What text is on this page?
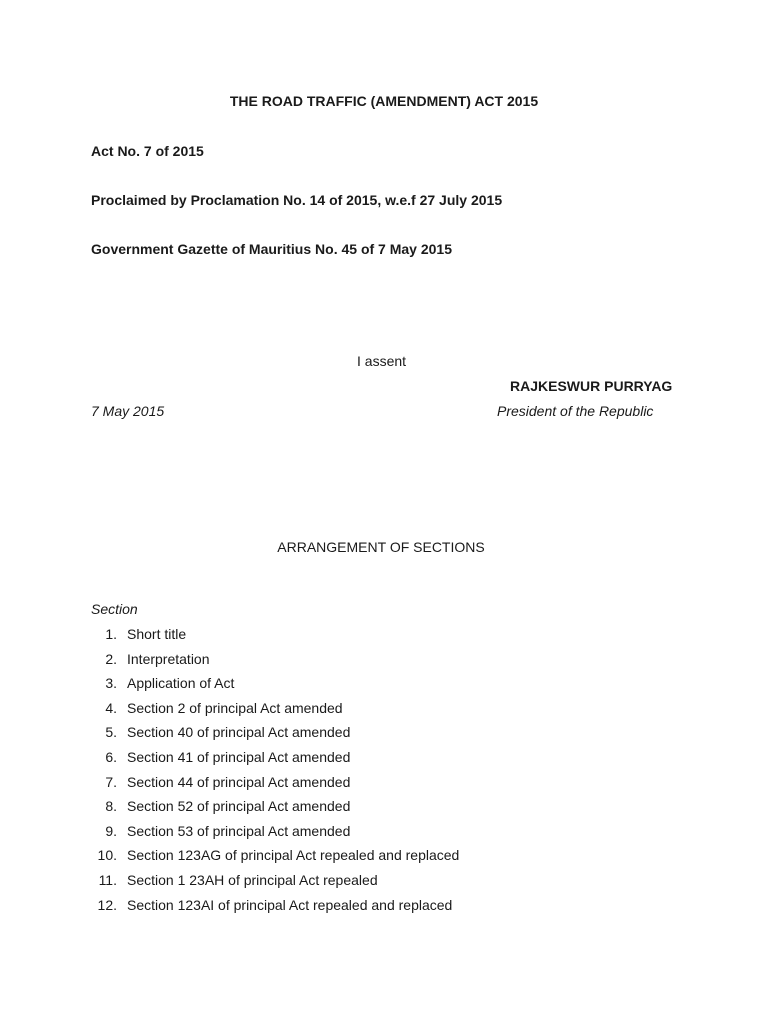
THE ROAD TRAFFIC (AMENDMENT) ACT 2015
Act No. 7 of 2015
Proclaimed by Proclamation No. 14 of 2015, w.e.f 27 July 2015
Government Gazette of Mauritius No. 45 of 7 May 2015
I assent
RAJKESWUR PURRYAG
7 May 2015	President of the Republic
ARRANGEMENT OF SECTIONS
Section
1. Short title
2. Interpretation
3. Application of Act
4. Section 2 of principal Act amended
5. Section 40 of principal Act amended
6. Section 41 of principal Act amended
7. Section 44 of principal Act amended
8. Section 52 of principal Act amended
9. Section 53 of principal Act amended
10. Section 123AG of principal Act repealed and replaced
11. Section 1 23AH of principal Act repealed
12. Section 123AI of principal Act repealed and replaced
